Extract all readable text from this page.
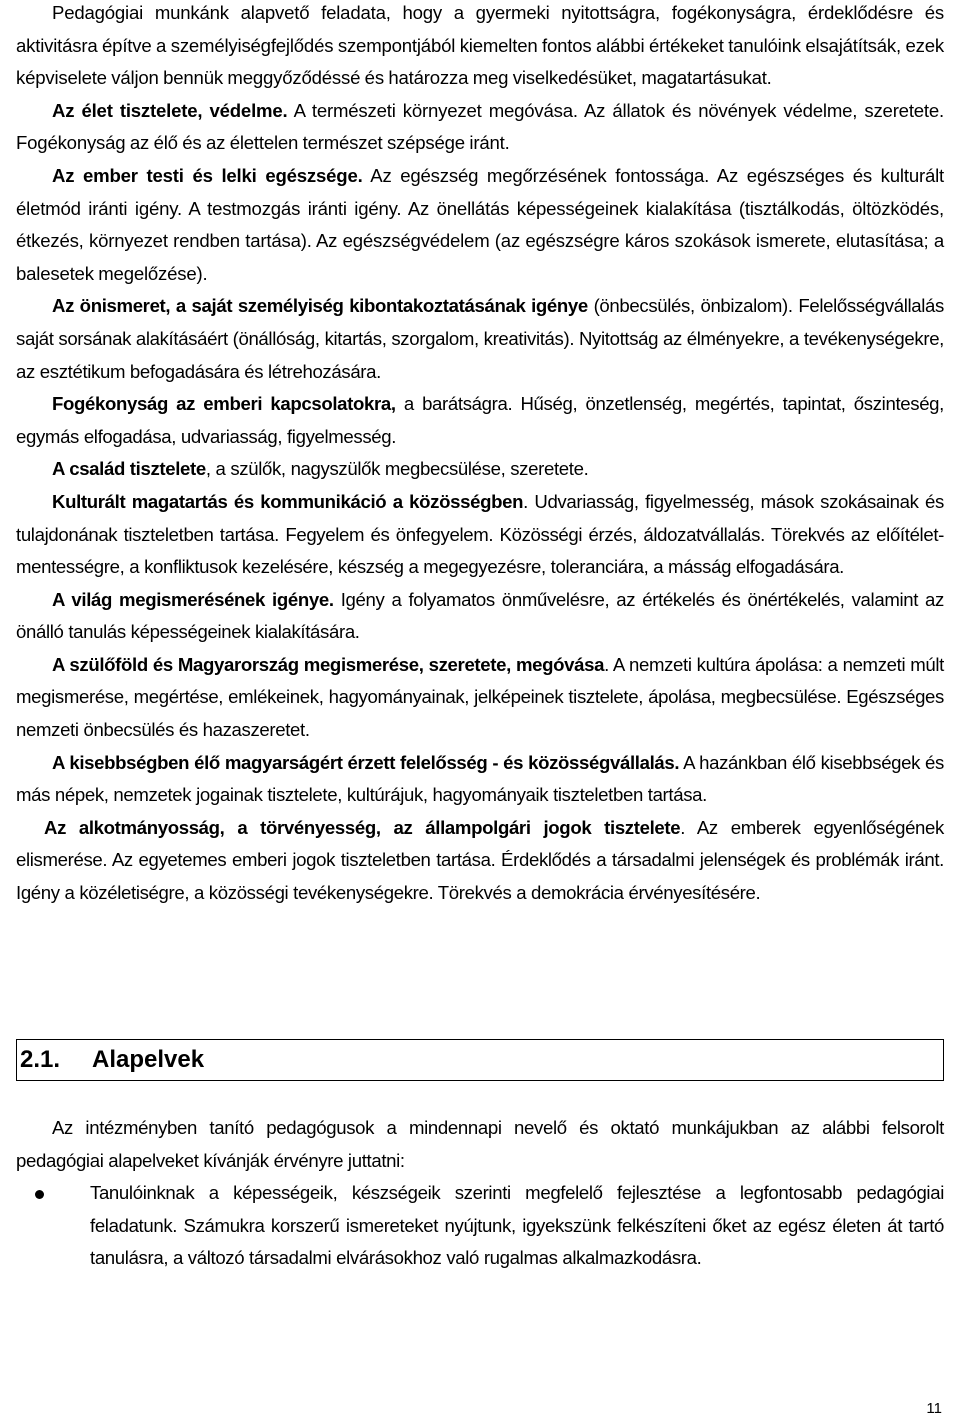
Pedagógiai munkánk alapvető feladata, hogy a gyermeki nyitottságra, fogékonyságra, érdeklődésre és aktivitásra építve a személyiségfejlődés szempontjából kiemelten fontos alábbi értékeket tanulóink elsajátítsák, ezek képviselete váljon bennük meggyőződéssé és határozza meg viselkedésüket, magatartásukat.

Az élet tisztelete, védelme. A természeti környezet megóvása. Az állatok és növények védelme, szeretete. Fogékonyság az élő és az élettelen természet szépsége iránt.

Az ember testi és lelki egészsége. Az egészség megőrzésének fontossága. Az egészséges és kulturált életmód iránti igény. A testmozgás iránti igény. Az önellátás képességeinek kialakítása (tisztálkodás, öltözködés, étkezés, környezet rendben tartása). Az egészségvédelem (az egészségre káros szokások ismerete, elutasítása; a balesetek megelőzése).

Az önismeret, a saját személyiség kibontakoztatásának igénye (önbecsülés, önbizalom). Felelősségvállalás saját sorsának alakításáért (önállóság, kitartás, szorgalom, kreativitás). Nyitottság az élményekre, a tevékenységekre, az esztétikum befogadására és létrehozására.

Fogékonyság az emberi kapcsolatokra, a barátságra. Hűség, önzetlenség, megértés, tapintat, őszinteség, egymás elfogadása, udvariasság, figyelmesség.

A család tisztelete, a szülők, nagyszülők megbecsülése, szeretete.

Kulturált magatartás és kommunikáció a közösségben. Udvariasság, figyelmesség, mások szokásainak és tulajdonának tiszteletben tartása. Fegyelem és önfegyelem. Közösségi érzés, áldozatvállalás. Törekvés az előítélet-mentességre, a konfliktusok kezelésére, készség a megegyezésre, toleranciára, a másság elfogadására.

A világ megismerésének igénye. Igény a folyamatos önművelésre, az értékelés és önértékelés, valamint az önálló tanulás képességeinek kialakítására.

A szülőföld és Magyarország megismerése, szeretete, megóvása. A nemzeti kultúra ápolása: a nemzeti múlt megismerése, megértése, emlékeinek, hagyományainak, jelképeinek tisztelete, ápolása, megbecsülése. Egészséges nemzeti önbecsülés és hazaszeretet.

A kisebbségben élő magyarságért érzett felelősség - és közösségvállalás. A hazánkban élő kisebbségek és más népek, nemzetek jogainak tisztelete, kultúrájuk, hagyományaik tiszteletben tartása.

Az alkotmányosság, a törvényesség, az állampolgári jogok tisztelete. Az emberek egyenlőségének elismerése. Az egyetemes emberi jogok tiszteletben tartása. Érdeklődés a társadalmi jelenségek és problémák iránt. Igény a közéletiségre, a közösségi tevékenységekre. Törekvés a demokrácia érvényesítésére.

2.1.	Alapelvek

Az intézményben tanító pedagógusok a mindennapi nevelő és oktató munkájukban az alábbi felsorolt pedagógiai alapelveket kívánják érvényre juttatni:

Tanulóinknak a képességeik, készségeik szerinti megfelelő fejlesztése a legfontosabb pedagógiai feladatunk. Számukra korszerű ismereteket nyújtunk, igyekszünk felkészíteni őket az egész életen át tartó tanulásra, a változó társadalmi elvárásokhoz való rugalmas alkalmazkodásra.
11
